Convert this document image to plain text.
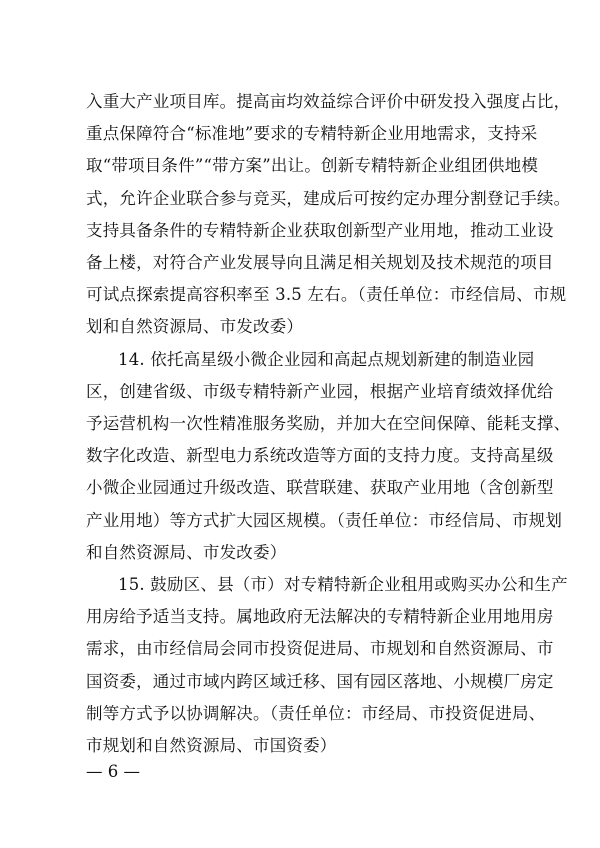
入重大产业项目库。提高亩均效益综合评价中研发投入强度占比，
重点保障符合“标准地”要求的专精特新企业用地需求，支持采
取“带项目条件”“带方案”出让。创新专精特新企业组团供地模
式，允许企业联合参与竞买，建成后可按约定办理分割登记手续。
支持具备条件的专精特新企业获取创新型产业用地，推动工业设
备上楼，对符合产业发展导向且满足相关规划及技术规范的项目
可试点探索提高容积率至 3.5 左右。（责任单位：市经信局、市规
划和自然资源局、市发改委）
14. 依托高星级小微企业园和高起点规划新建的制造业园
区，创建省级、市级专精特新产业园，根据产业培育绩效择优给
予运营机构一次性精准服务奖励，并加大在空间保障、能耗支撑、
数字化改造、新型电力系统改造等方面的支持力度。支持高星级
小微企业园通过升级改造、联营联建、获取产业用地（含创新型
产业用地）等方式扩大园区规模。（责任单位：市经信局、市规划
和自然资源局、市发改委）
15. 鼓励区、县（市）对专精特新企业租用或购买办公和生产
用房给予适当支持。属地政府无法解决的专精特新企业用地用房
需求，由市经信局会同市投资促进局、市规划和自然资源局、市
国资委，通过市域内跨区域迁移、国有园区落地、小规模厂房定
制等方式予以协调解决。（责任单位：市经局、市投资促进局、
市规划和自然资源局、市国资委）
— 6 —
